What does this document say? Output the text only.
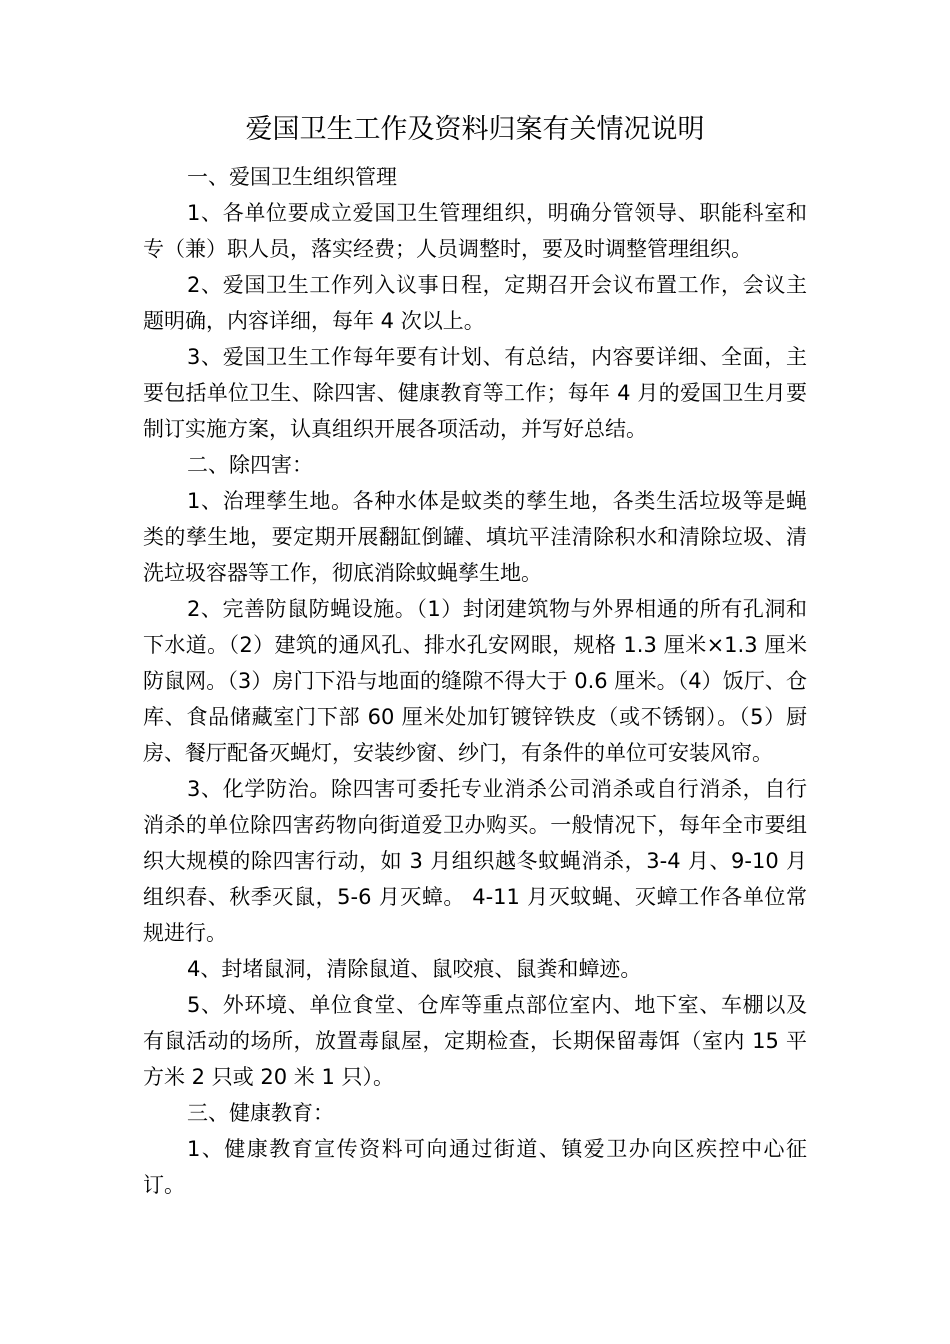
爱国卫生工作及资料归案有关情况说明

一、爱国卫生组织管理

1、各单位要成立爱国卫生管理组织，明确分管领导、职能科室和专（兼）职人员，落实经费；人员调整时，要及时调整管理组织。

2、爱国卫生工作列入议事日程，定期召开会议布置工作，会议主题明确，内容详细，每年 4 次以上。

3、爱国卫生工作每年要有计划、有总结，内容要详细、全面，主要包括单位卫生、除四害、健康教育等工作；每年 4 月的爱国卫生月要制订实施方案，认真组织开展各项活动，并写好总结。

二、除四害：

1、治理孳生地。各种水体是蚊类的孳生地，各类生活垃圾等是蝇类的孳生地，要定期开展翻缸倒罐、填坑平洼清除积水和清除垃圾、清洗垃圾容器等工作，彻底消除蚊蝇孳生地。

2、完善防鼠防蝇设施。（1）封闭建筑物与外界相通的所有孔洞和下水道。（2）建筑的通风孔、排水孔安网眼，规格 1.3 厘米×1.3 厘米防鼠网。（3）房门下沿与地面的缝隙不得大于 0.6 厘米。（4）饭厅、仓库、食品储藏室门下部 60 厘米处加钉镀锌铁皮（或不锈钢）。（5）厨房、餐厅配备灭蝇灯，安装纱窗、纱门，有条件的单位可安装风帘。

3、化学防治。除四害可委托专业消杀公司消杀或自行消杀，自行消杀的单位除四害药物向街道爱卫办购买。一般情况下，每年全市要组织大规模的除四害行动，如 3 月组织越冬蚊蝇消杀，3-4 月、9-10 月组织春、秋季灭鼠，5-6 月灭蟑。 4-11 月灭蚊蝇、灭蟑工作各单位常规进行。

4、封堵鼠洞，清除鼠道、鼠咬痕、鼠粪和蟑迹。

5、外环境、单位食堂、仓库等重点部位室内、地下室、车棚以及有鼠活动的场所，放置毒鼠屋，定期检查，长期保留毒饵（室内 15 平方米 2 只或 20 米 1 只）。

三、健康教育：

1、健康教育宣传资料可向通过街道、镇爱卫办向区疾控中心征订。
